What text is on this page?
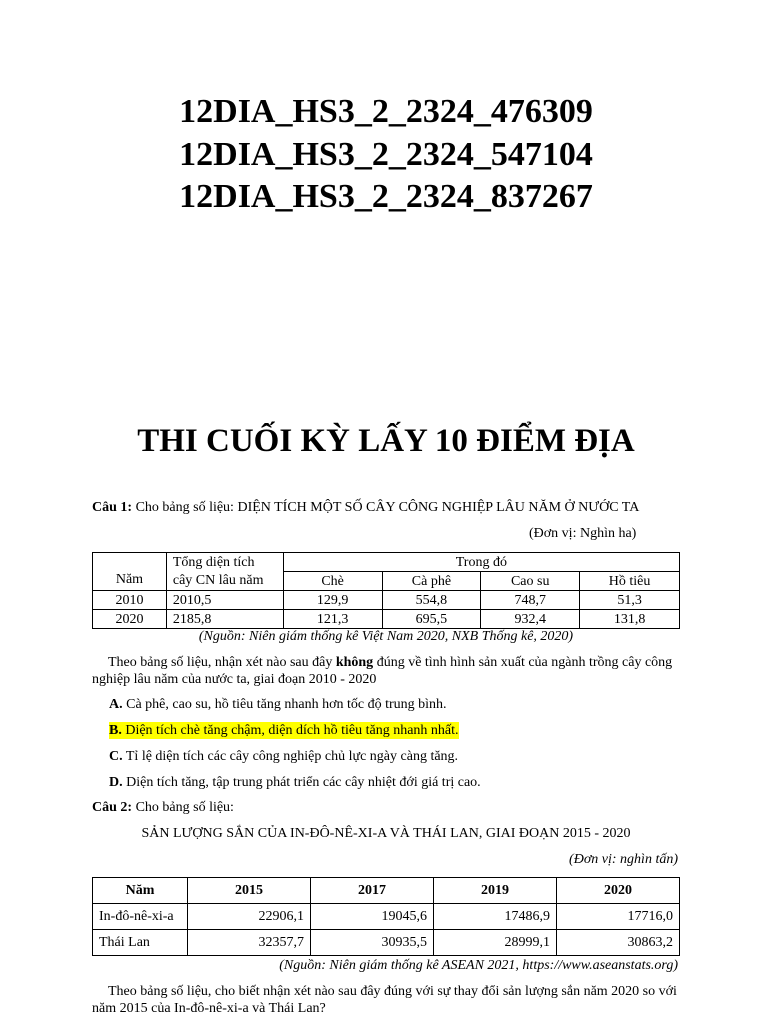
12DIA_HS3_2_2324_476309
12DIA_HS3_2_2324_547104
12DIA_HS3_2_2324_837267
THI CUỐI KỲ LẤY 10 ĐIỂM ĐỊA
Câu 1: Cho bảng số liệu: DIỆN TÍCH MỘT SỐ CÂY CÔNG NGHIỆP LÂU NĂM Ở NƯỚC TA
(Đơn vị: Nghìn ha)
Năm	Tổng diện tích	Trong đó			
	cây CN lâu năm	Chè	Cà phê	Cao su	Hồ tiêu
2010	2010,5	129,9	554,8	748,7	51,3
2020	2185,8	121,3	695,5	932,4	131,8
(Nguồn: Niên giám thống kê Việt Nam 2020, NXB Thống kê, 2020)
Theo bảng số liệu, nhận xét nào sau đây không đúng về tình hình sản xuất của ngành trồng cây công nghiệp lâu năm của nước ta, giai đoạn 2010 - 2020
A. Cà phê, cao su, hồ tiêu tăng nhanh hơn tốc độ trung bình.
B. Diện tích chè tăng chậm, diện dích hồ tiêu tăng nhanh nhất.
C. Tỉ lệ diện tích các cây công nghiệp chủ lực ngày càng tăng.
D. Diện tích tăng, tập trung phát triển các cây nhiệt đới giá trị cao.
Câu 2: Cho bảng số liệu:
SẢN LƯỢNG SẮN CỦA IN-ĐÔ-NÊ-XI-A VÀ THÁI LAN, GIAI ĐOẠN 2015 - 2020
(Đơn vị: nghìn tấn)
Năm	2015	2017	2019	2020
In-đô-nê-xi-a	22906,1	19045,6	17486,9	17716,0
Thái Lan	32357,7	30935,5	28999,1	30863,2
(Nguồn: Niên giám thống kê ASEAN 2021, https://www.aseanstats.org)
Theo bảng số liệu, cho biết nhận xét nào sau đây đúng với sự thay đổi sản lượng sắn năm 2020 so với năm 2015 của In-đô-nê-xi-a và Thái Lan?
